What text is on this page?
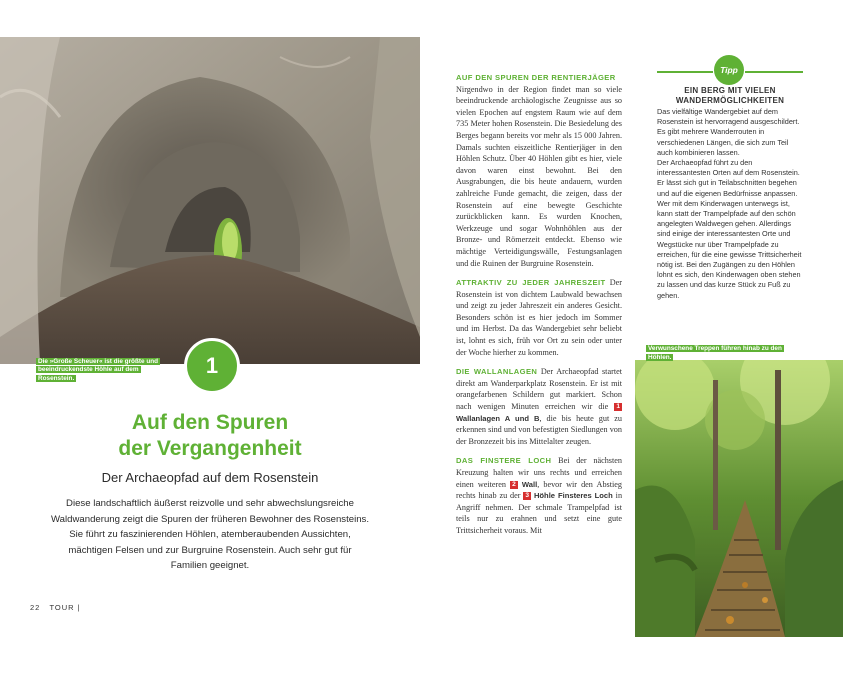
Die »Große Scheuer« ist die größte und beeindruckendste Höhle auf dem Rosenstein.
1
Auf den Spuren
der Vergangenheit
Der Archaeopfad auf dem Rosenstein
Diese landschaftlich äußerst reizvolle und sehr abwechslungsreiche Waldwanderung zeigt die Spuren der früheren Bewohner des Rosensteins. Sie führt zu faszinierenden Höhlen, atemberaubenden Aussichten, mächtigen Felsen und zur Burgruine Rosenstein. Auch sehr gut für Familien geeignet.
22 TOUR |

AUF DEN SPUREN DER RENTIERJÄGER
Nirgendwo in der Region findet man so viele beeindruckende archäologische Zeugnisse aus so vielen Epochen auf engstem Raum wie auf dem 735 Meter hohen Rosenstein. Die Besiedelung des Berges begann bereits vor mehr als 15 000 Jahren. Damals suchten eiszeitliche Rentierjäger in den Höhlen Schutz. Über 40 Höhlen gibt es hier, viele davon waren einst bewohnt. Bei den Ausgrabungen, die bis heute andauern, wurden zahlreiche Funde gemacht, die zeigen, dass der Rosenstein auf eine bewegte Geschichte zurückblicken kann. Es wurden Knochen, Werkzeuge und sogar Wohnhöhlen aus der Bronze- und Römerzeit entdeckt. Ebenso wie mächtige Verteidigungswälle, Festungsanlagen und die Ruinen der Burgruine Rosenstein.

ATTRAKTIV ZU JEDER JAHRESZEIT Der Rosenstein ist von dichtem Laubwald bewachsen und zeigt zu jeder Jahreszeit ein anderes Gesicht. Besonders schön ist es hier jedoch im Sommer und im Herbst. Da das Wandergebiet sehr beliebt ist, lohnt es sich, früh vor Ort zu sein oder unter der Woche hierher zu kommen.

DIE WALLANLAGEN Der Archaeopfad startet direkt am Wanderparkplatz Rosenstein. Er ist mit orangefarbenen Schildern gut markiert. Schon nach wenigen Minuten erreichen wir die 1 Wallanlagen A und B, die bis heute gut zu erkennen sind und von befestigten Siedlungen von der Bronzezeit bis ins Mittelalter zeugen.

DAS FINSTERE LOCH Bei der nächsten Kreuzung halten wir uns rechts und erreichen einen weiteren 2 Wall, bevor wir den Abstieg rechts hinab zu der 3 Höhle Finsteres Loch in Angriff nehmen. Der schmale Trampelpfad ist teils nur zu erahnen und setzt eine gute Trittsicherheit voraus. Mit

Tipp
EIN BERG MIT VIELEN
WANDERMÖGLICHKEITEN
Das vielfältige Wandergebiet auf dem Rosenstein ist hervorragend ausgeschildert. Es gibt mehrere Wanderrouten in verschiedenen Längen, die sich zum Teil auch kombinieren lassen.
Der Archaeopfad führt zu den interessantesten Orten auf dem Rosenstein. Er lässt sich gut in Teilabschnitten begehen und auf die eigenen Bedürfnisse anpassen. Wer mit dem Kinderwagen unterwegs ist, kann statt der Trampelpfade auf den schön angelegten Waldwegen gehen. Allerdings sind einige der interessantesten Orte und Wegstücke nur über Trampelpfade zu erreichen, für die eine gewisse Trittsicherheit nötig ist. Bei den Zugängen zu den Höhlen lohnt es sich, den Kinderwagen oben stehen zu lassen und das kurze Stück zu Fuß zu gehen.
Verwunschene Treppen führen hinab zu den Höhlen.
